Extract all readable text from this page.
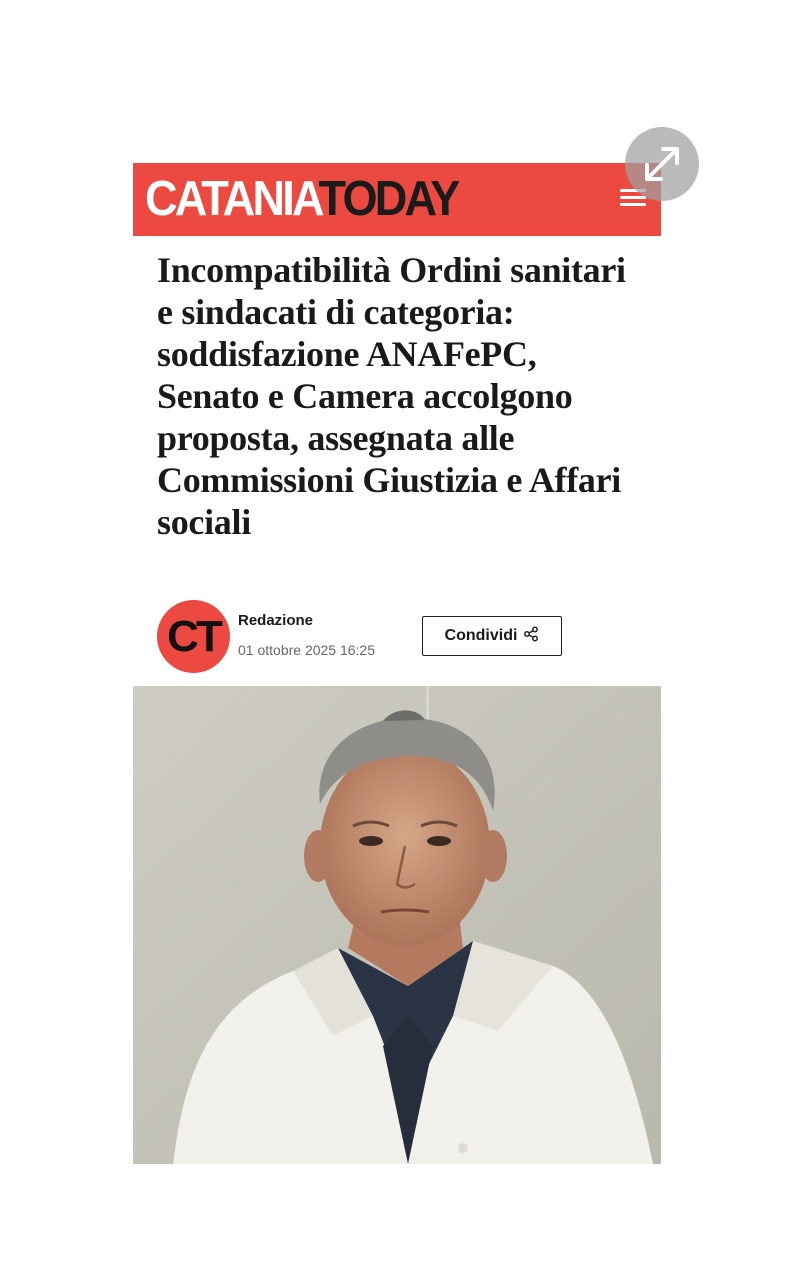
CATANIATODAY
Incompatibilità Ordini sanitari e sindacati di categoria: soddisfazione ANAFePC, Senato e Camera accolgono proposta, assegnata alle Commissioni Giustizia e Affari sociali
CT	Redazione
01 ottobre 2025 16:25
Condividi
